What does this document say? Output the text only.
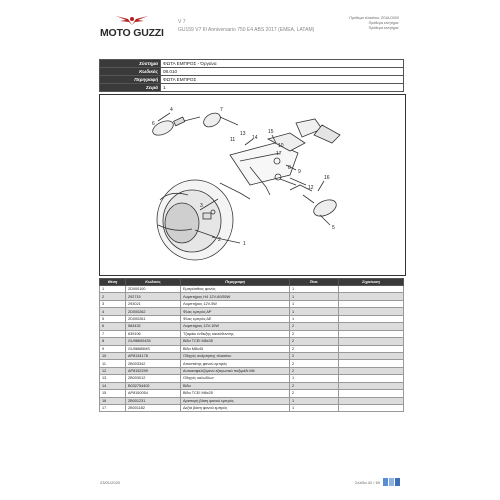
MOTO GUZZI
V 7
GU159 V7 III Anniversario 750 E4 ABS 2017 (EMEA, LATAM)
Πρόθεμα πλαισίου: ZGULD000
Πρόθεμα κινητήρα:
Πρόθεμα κινητήρα:
Σύστημα	ΦΩΤΑ ΕΜΠΡΟΣ - Όργανα
Κωδικός	08.010
Περιγραφή	ΦΩΤΑ ΕΜΠΡΟΣ
Σειρά	1
1
2
3
4
5
6
7
8
9
10
11
12
13
14
15
16
17
Θέση	Κωδικός	Περιγραφή	Ποσ.	Σημείωση
1	2D000100	Εμπρόσθιος φανός	1	
2	292715	Λαμπτήρας H4 12V-60/55W	1	
3	293021	Λαμπτήρας 12V-5W	1	
4	2D000262	Φλας εμπρός ΑΡ	1	
5	2D000261	Φλας εμπρός ΔΕ	1	
6	584432	Λαμπτήρας 12V-10W	2	
7	639106	Τζαμάκι ένδειξης κατεύθυνσης	2	
8	GU98690435	Βίδα TCEI M8x35	2	
9	GU98685MS	Βίδα M8x45	2	
10	AP8134178	Οδηγός ανάρτησης πλαισίου	2	
11	2B003342	Αποστάτης φανού εμπρός	2	
12	AP8152299	Αυτοασφαλιζόμενο εξαγωνικό παξιμάδι M6	2	
13	2B003012	Οδηγός καλωδίων	1	
14	B032754402	Βίδα	2	
15	AP8150054	Βίδα TCEI M6x25	2	
16	2B001231	Αριστερή βάση φανού εμπρός	1	
17	2B001182	Δεξιά βάση φανού εμπρός	1	
23/01/2020	Σελίδα 42 / 69
